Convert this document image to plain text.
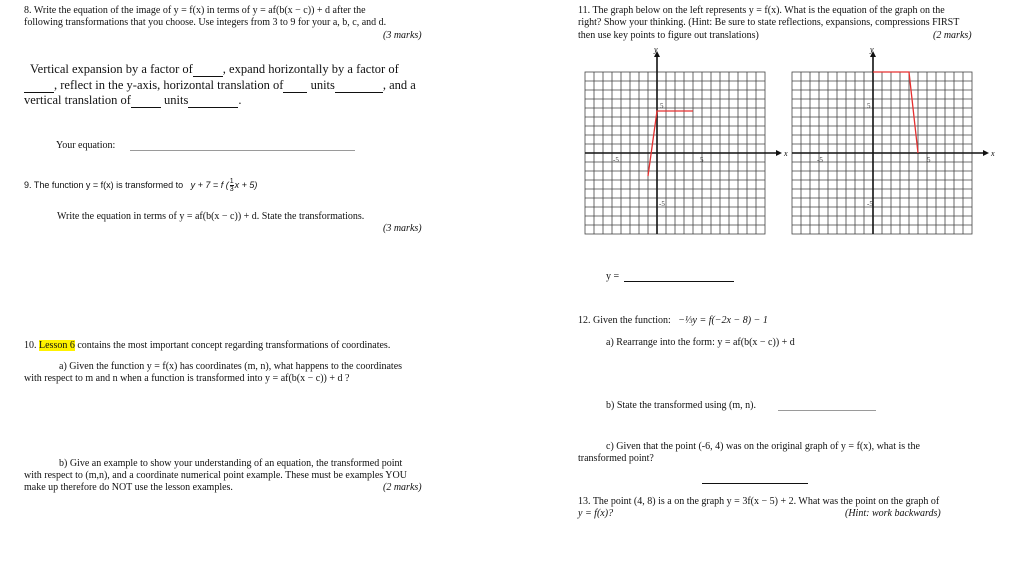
8. Write the equation of the image of y = f(x) in terms of y = af(b(x − c)) + d after the
following transformations that you choose. Use integers from 3 to 9 for your a, b, c, and d.
(3 marks)
Vertical expansion by a factor of , expand horizontally by a factor of
, reflect in the y-axis, horizontal translation of units	, and a
vertical translation of	units	.
Your equation:
9. The function y = f(x) is transformed to y + 7 = f ( $\frac{1}{3}$ x + 5)
Write the equation in terms of y = af(b(x − c)) + d. State the transformations.
(3 marks)
10. Lesson 6 contains the most important concept regarding transformations of coordinates.
a) Given the function y = f(x) has coordinates (m, n), what happens to the coordinates
with respect to m and n when a function is transformed into y = af(b(x − c)) + d ?
b) Give an example to show your understanding of an equation, the transformed point
with respect to (m,n), and a coordinate numerical point example. These must be examples YOU
make up therefore do NOT use the lesson examples.	(2 marks)
11. The graph below on the left represents y = f(x). What is the equation of the graph on the
right? Show your thinking. (Hint: Be sure to state reflections, expansions, compressions FIRST
then use key points to figure out translations)	(2 marks)
y
x
5
-5	5
-5
y
x
5
-5	5
-5
y =
12. Given the function: −⅓y = f(−2x − 8) − 1
a) Rearrange into the form: y = af(b(x − c)) + d
b) State the transformed using (m, n).
c) Given that the point (-6, 4) was on the original graph of y = f(x), what is the
transformed point?
13. The point (4, 8) is a on the graph y = 3f(x − 5) + 2. What was the point on the graph of
y = f(x)?	(Hint: work backwards)
